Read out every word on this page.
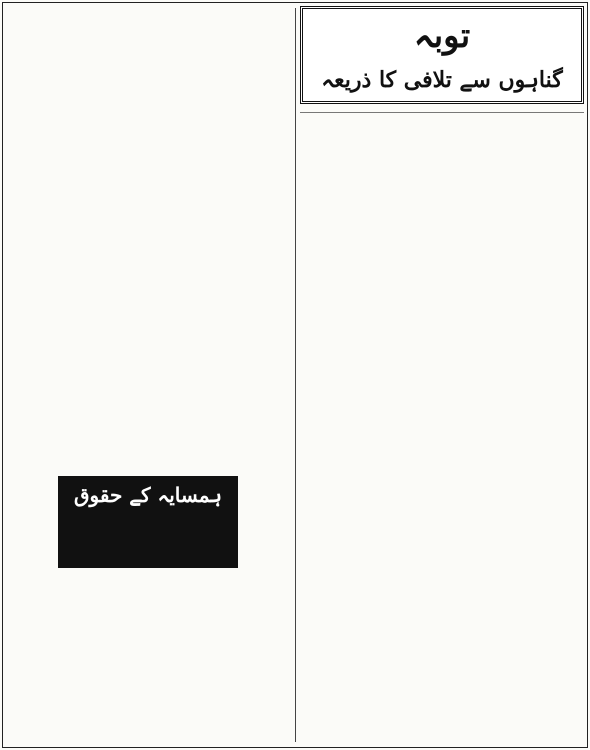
توبہ
گناہوں سے تلافی کا ذریعہ

ہمسایہ کے حقوق
